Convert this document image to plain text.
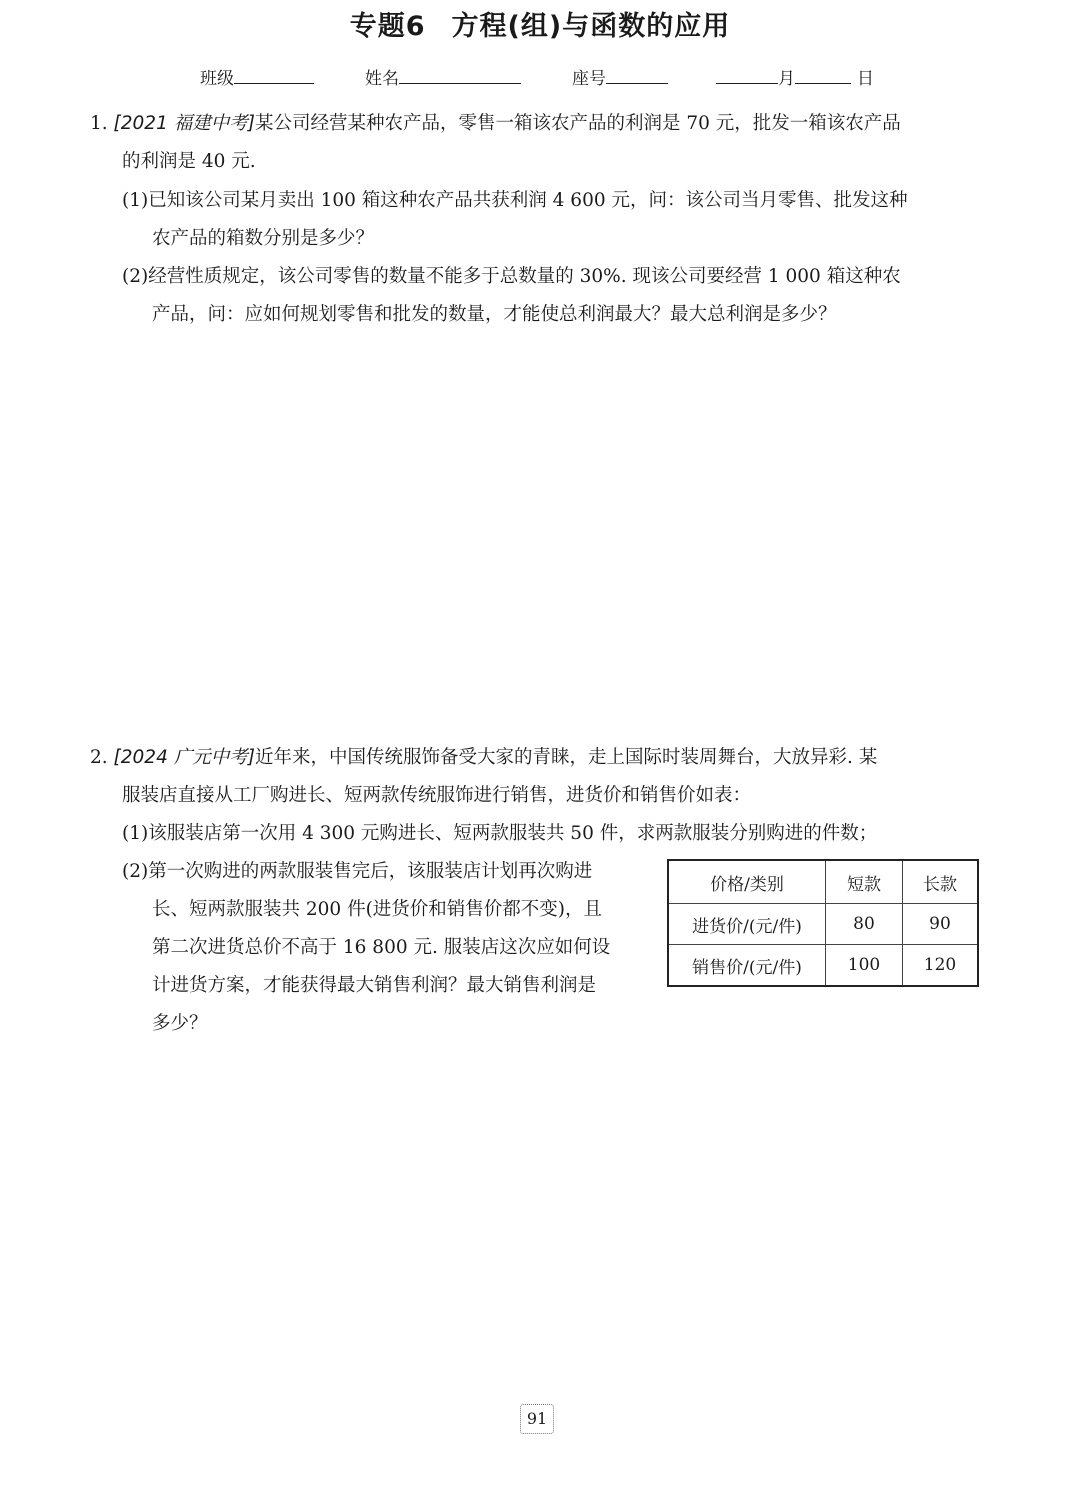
专题6 方程(组)与函数的应用
班级	姓名	座号	月	日
1. [2021 福建中考]某公司经营某种农产品，零售一箱该农产品的利润是 70 元，批发一箱该农产品
的利润是 40 元.
(1)已知该公司某月卖出 100 箱这种农产品共获利润 4 600 元，问：该公司当月零售、批发这种
农产品的箱数分别是多少？
(2)经营性质规定，该公司零售的数量不能多于总数量的 30%. 现该公司要经营 1 000 箱这种农
产品，问：应如何规划零售和批发的数量，才能使总利润最大？最大总利润是多少？
2. [2024 广元中考]近年来，中国传统服饰备受大家的青睐，走上国际时装周舞台，大放异彩. 某
服装店直接从工厂购进长、短两款传统服饰进行销售，进货价和销售价如表：
(1)该服装店第一次用 4 300 元购进长、短两款服装共 50 件，求两款服装分别购进的件数；
(2)第一次购进的两款服装售完后，该服装店计划再次购进
长、短两款服装共 200 件(进货价和销售价都不变)，且
第二次进货总价不高于 16 800 元. 服装店这次应如何设
计进货方案，才能获得最大销售利润？最大销售利润是
多少？
价格/类别	短款	长款
进货价/(元/件)	80	90
销售价/(元/件)	100	120
91
